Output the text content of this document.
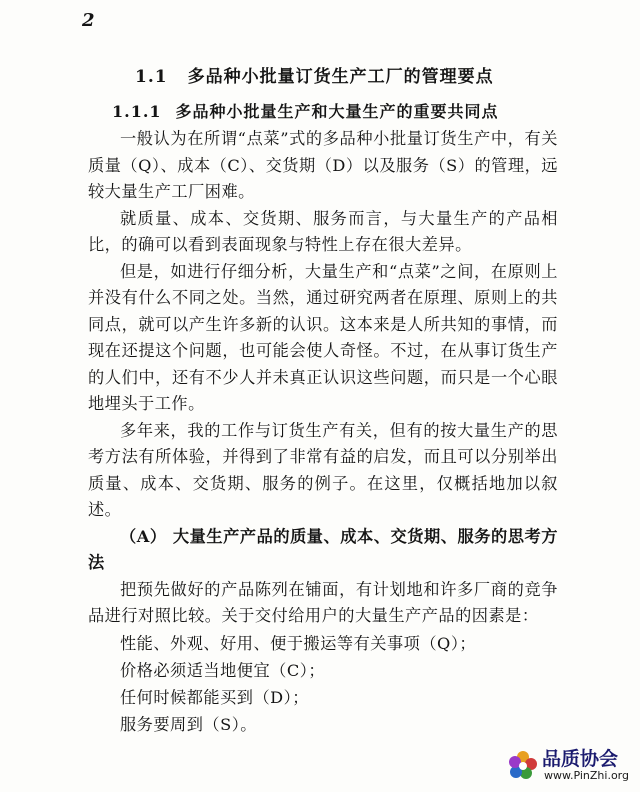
2
1.1 多品种小批量订货生产工厂的管理要点
1.1.1 多品种小批量生产和大量生产的重要共同点

一般认为在所谓“点菜”式的多品种小批量订货生产中，有关质量（Q）、成本（C）、交货期（D）以及服务（S）的管理，远较大量生产工厂困难。

就质量、成本、交货期、服务而言，与大量生产的产品相比，的确可以看到表面现象与特性上存在很大差异。

但是，如进行仔细分析，大量生产和“点菜”之间，在原则上并没有什么不同之处。当然，通过研究两者在原理、原则上的共同点，就可以产生许多新的认识。这本来是人所共知的事情，而现在还提这个问题，也可能会使人奇怪。不过，在从事订货生产的人们中，还有不少人并未真正认识这些问题，而只是一个心眼地埋头于工作。

多年来，我的工作与订货生产有关，但有的按大量生产的思考方法有所体验，并得到了非常有益的启发，而且可以分别举出质量、成本、交货期、服务的例子。在这里，仅概括地加以叙述。

（A） 大量生产产品的质量、成本、交货期、服务的思考方法

把预先做好的产品陈列在铺面，有计划地和许多厂商的竞争品进行对照比较。关于交付给用户的大量生产产品的因素是：

性能、外观、好用、便于搬运等有关事项（Q）；

价格必须适当地便宜（C）；

任何时候都能买到（D）；

服务要周到（S）。

品质协会
www.PinZhi.org
